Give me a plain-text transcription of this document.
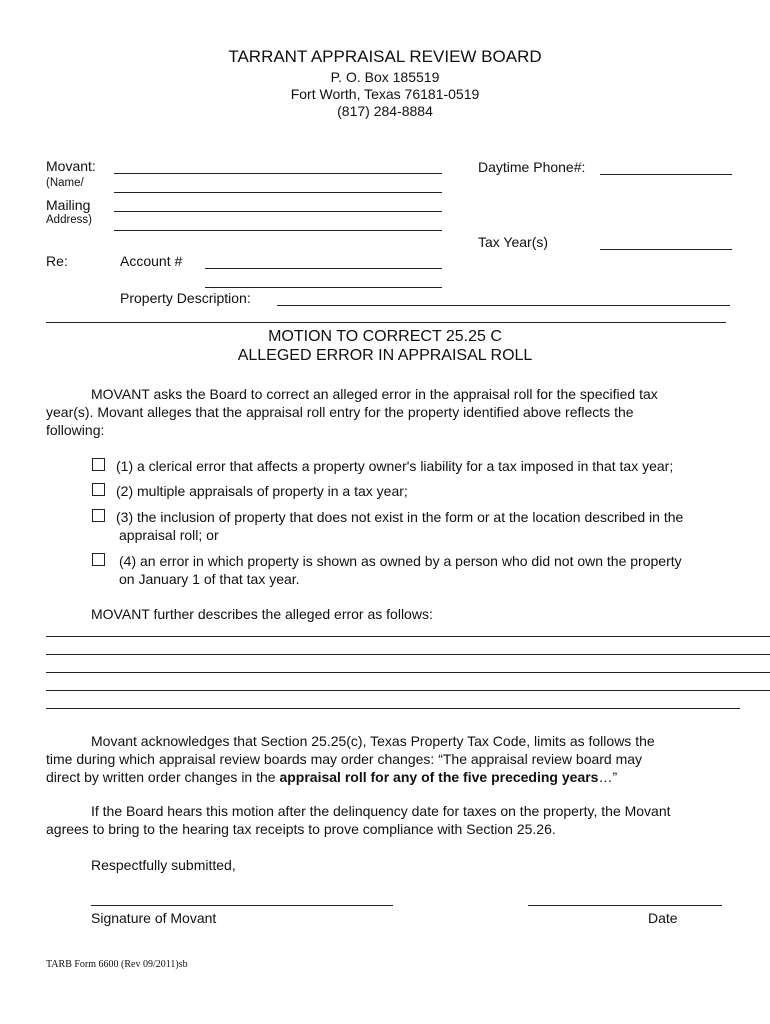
TARRANT APPRAISAL REVIEW BOARD
P. O. Box 185519
Fort Worth, Texas 76181-0519
(817) 284-8884
Movant:
(Name/
Mailing
Address)
Daytime Phone#:
Tax Year(s)
Re:	Account #
Property Description:
MOTION TO CORRECT 25.25 C
ALLEGED ERROR IN APPRAISAL ROLL
MOVANT asks the Board to correct an alleged error in the appraisal roll for the specified tax
year(s). Movant alleges that the appraisal roll entry for the property identified above reflects the
following:
(1) a clerical error that affects a property owner's liability for a tax imposed in that tax year;
(2) multiple appraisals of property in a tax year;
(3) the inclusion of property that does not exist in the form or at the location described in the
appraisal roll; or
(4) an error in which property is shown as owned by a person who did not own the property
on January 1 of that tax year.
MOVANT further describes the alleged error as follows:
Movant acknowledges that Section 25.25(c), Texas Property Tax Code, limits as follows the
time during which appraisal review boards may order changes: “The appraisal review board may
direct by written order changes in the appraisal roll for any of the five preceding years…”
If the Board hears this motion after the delinquency date for taxes on the property, the Movant
agrees to bring to the hearing tax receipts to prove compliance with Section 25.26.
Respectfully submitted,
Signature of Movant	Date
TARB Form 6600 (Rev 09/2011)sb
